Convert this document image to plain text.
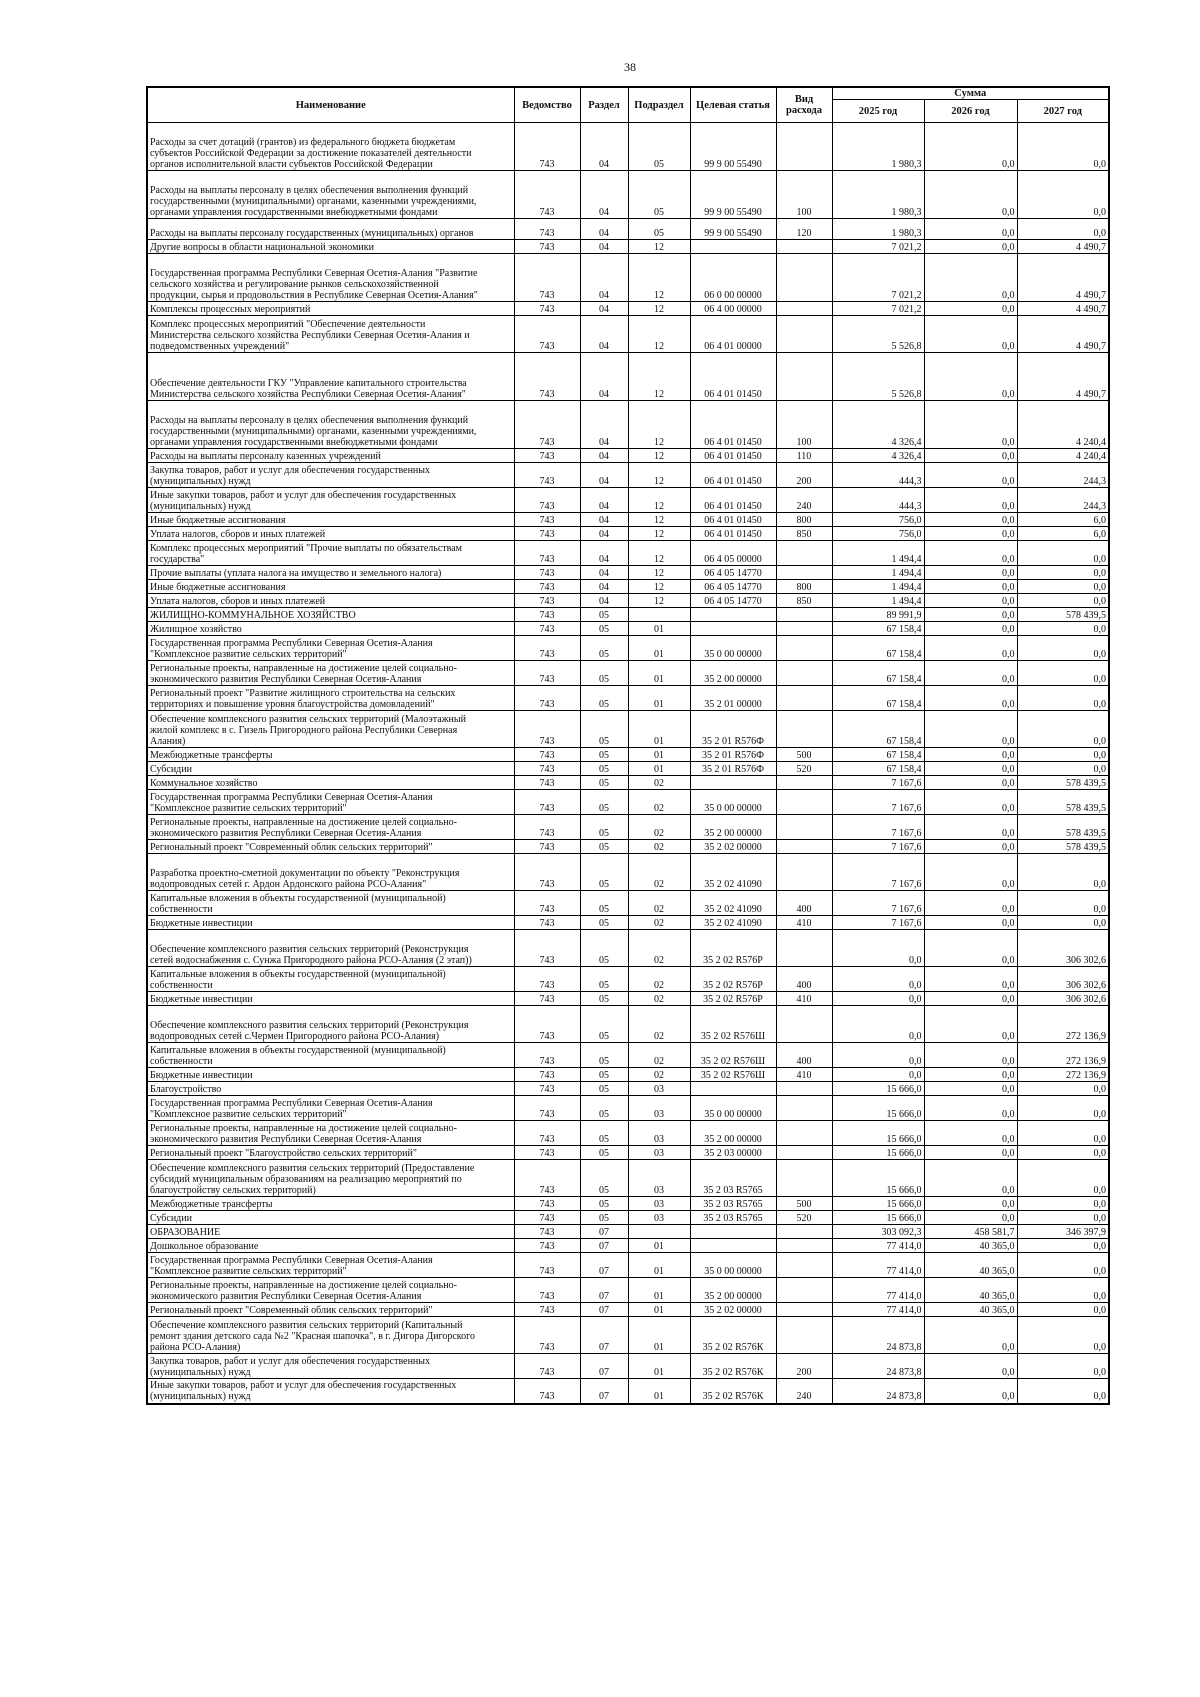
38
Наименование	Ведомство	Раздел	Подраздел	Целевая статья	Вид расхода	Сумма		
						2025 год	2026 год	2027 год
Расходы за счет дотаций (грантов) из федерального бюджета бюджетам
субъектов Российской Федерации за достижение показателей деятельности
органов исполнительной власти субъектов Российской Федерации	743	04	05	99 9 00 55490		1 980,3	0,0	0,0
Расходы на выплаты персоналу в целях обеспечения выполнения функций
государственными (муниципальными) органами, казенными учреждениями,
органами управления государственными внебюджетными фондами	743	04	05	99 9 00 55490	100	1 980,3	0,0	0,0
Расходы на выплаты персоналу государственных (муниципальных) органов	743	04	05	99 9 00 55490	120	1 980,3	0,0	0,0
Другие вопросы в области национальной экономики	743	04	12			7 021,2	0,0	4 490,7
Государственная программа Республики Северная Осетия-Алания "Развитие
сельского хозяйства и регулирование рынков сельскохозяйственной
продукции, сырья и продовольствия в Республике Северная Осетия-Алания"	743	04	12	06 0 00 00000		7 021,2	0,0	4 490,7
Комплексы процессных мероприятий	743	04	12	06 4 00 00000		7 021,2	0,0	4 490,7
Комплекс процессных мероприятий "Обеспечение деятельности
Министерства сельского хозяйства Республики Северная Осетия-Алания и
подведомственных учреждений"	743	04	12	06 4 01 00000		5 526,8	0,0	4 490,7
Обеспечение деятельности ГКУ "Управление капитального строительства
Министерства сельского хозяйства Республики Северная Осетия-Алания"	743	04	12	06 4 01 01450		5 526,8	0,0	4 490,7
Расходы на выплаты персоналу в целях обеспечения выполнения функций
государственными (муниципальными) органами, казенными учреждениями,
органами управления государственными внебюджетными фондами	743	04	12	06 4 01 01450	100	4 326,4	0,0	4 240,4
Расходы на выплаты персоналу казенных учреждений	743	04	12	06 4 01 01450	110	4 326,4	0,0	4 240,4
Закупка товаров, работ и услуг для обеспечения государственных
(муниципальных) нужд	743	04	12	06 4 01 01450	200	444,3	0,0	244,3
Иные закупки товаров, работ и услуг для обеспечения государственных
(муниципальных) нужд	743	04	12	06 4 01 01450	240	444,3	0,0	244,3
Иные бюджетные ассигнования	743	04	12	06 4 01 01450	800	756,0	0,0	6,0
Уплата налогов, сборов и иных платежей	743	04	12	06 4 01 01450	850	756,0	0,0	6,0
Комплекс процессных мероприятий "Прочие выплаты по обязательствам
государства"	743	04	12	06 4 05 00000		1 494,4	0,0	0,0
Прочие выплаты (уплата налога на имущество и земельного налога)	743	04	12	06 4 05 14770		1 494,4	0,0	0,0
Иные бюджетные ассигнования	743	04	12	06 4 05 14770	800	1 494,4	0,0	0,0
Уплата налогов, сборов и иных платежей	743	04	12	06 4 05 14770	850	1 494,4	0,0	0,0
ЖИЛИЩНО-КОММУНАЛЬНОЕ ХОЗЯЙСТВО	743	05				89 991,9	0,0	578 439,5
Жилищное хозяйство	743	05	01			67 158,4	0,0	0,0
Государственная программа Республики Северная Осетия-Алания
"Комплексное развитие сельских территорий"	743	05	01	35 0 00 00000		67 158,4	0,0	0,0
Региональные проекты, направленные на достижение целей социально-
экономического развития Республики Северная Осетия-Алания	743	05	01	35 2 00 00000		67 158,4	0,0	0,0
Региональный проект "Развитие жилищного строительства на сельских
территориях и повышение уровня благоустройства домовладений"	743	05	01	35 2 01 00000		67 158,4	0,0	0,0
Обеспечение комплексного развития сельских территорий (Малоэтажный
жилой комплекс в с. Гизель Пригородного района Республики Северная
Алания)	743	05	01	35 2 01 R576Ф		67 158,4	0,0	0,0
Межбюджетные трансферты	743	05	01	35 2 01 R576Ф	500	67 158,4	0,0	0,0
Субсидии	743	05	01	35 2 01 R576Ф	520	67 158,4	0,0	0,0
Коммунальное хозяйство	743	05	02			7 167,6	0,0	578 439,5
Государственная программа Республики Северная Осетия-Алания
"Комплексное развитие сельских территорий"	743	05	02	35 0 00 00000		7 167,6	0,0	578 439,5
Региональные проекты, направленные на достижение целей социально-
экономического развития Республики Северная Осетия-Алания	743	05	02	35 2 00 00000		7 167,6	0,0	578 439,5
Региональный проект "Современный облик сельских территорий"	743	05	02	35 2 02 00000		7 167,6	0,0	578 439,5
Разработка проектно-сметной документации по объекту "Реконструкция
водопроводных сетей г. Ардон Ардонского района РСО-Алания"	743	05	02	35 2 02 41090		7 167,6	0,0	0,0
Капитальные вложения в объекты государственной (муниципальной)
собственности	743	05	02	35 2 02 41090	400	7 167,6	0,0	0,0
Бюджетные инвестиции	743	05	02	35 2 02 41090	410	7 167,6	0,0	0,0
Обеспечение комплексного развития сельских территорий (Реконструкция
сетей водоснабжения с. Сунжа Пригородного района РСО-Алания (2 этап))	743	05	02	35 2 02 R576Р		0,0	0,0	306 302,6
Капитальные вложения в объекты государственной (муниципальной)
собственности	743	05	02	35 2 02 R576Р	400	0,0	0,0	306 302,6
Бюджетные инвестиции	743	05	02	35 2 02 R576Р	410	0,0	0,0	306 302,6
Обеспечение комплексного развития сельских территорий (Реконструкция
водопроводных сетей с.Чермен Пригородного района РСО-Алания)	743	05	02	35 2 02 R576Ш		0,0	0,0	272 136,9
Капитальные вложения в объекты государственной (муниципальной)
собственности	743	05	02	35 2 02 R576Ш	400	0,0	0,0	272 136,9
Бюджетные инвестиции	743	05	02	35 2 02 R576Ш	410	0,0	0,0	272 136,9
Благоустройство	743	05	03			15 666,0	0,0	0,0
Государственная программа Республики Северная Осетия-Алания
"Комплексное развитие сельских территорий"	743	05	03	35 0 00 00000		15 666,0	0,0	0,0
Региональные проекты, направленные на достижение целей социально-
экономического развития Республики Северная Осетия-Алания	743	05	03	35 2 00 00000		15 666,0	0,0	0,0
Региональный проект "Благоустройство сельских территорий"	743	05	03	35 2 03 00000		15 666,0	0,0	0,0
Обеспечение комплексного развития сельских территорий (Предоставление
субсидий муниципальным образованиям на реализацию мероприятий по
благоустройству сельских территорий)	743	05	03	35 2 03 R5765		15 666,0	0,0	0,0
Межбюджетные трансферты	743	05	03	35 2 03 R5765	500	15 666,0	0,0	0,0
Субсидии	743	05	03	35 2 03 R5765	520	15 666,0	0,0	0,0
ОБРАЗОВАНИЕ	743	07				303 092,3	458 581,7	346 397,9
Дошкольное образование	743	07	01			77 414,0	40 365,0	0,0
Государственная программа Республики Северная Осетия-Алания
"Комплексное развитие сельских территорий"	743	07	01	35 0 00 00000		77 414,0	40 365,0	0,0
Региональные проекты, направленные на достижение целей социально-
экономического развития Республики Северная Осетия-Алания	743	07	01	35 2 00 00000		77 414,0	40 365,0	0,0
Региональный проект "Современный облик сельских территорий"	743	07	01	35 2 02 00000		77 414,0	40 365,0	0,0
Обеспечение комплексного развития сельских территорий (Капитальный
ремонт здания детского сада №2 "Красная шапочка", в г. Дигора Дигорского
района РСО-Алания)	743	07	01	35 2 02 R576К		24 873,8	0,0	0,0
Закупка товаров, работ и услуг для обеспечения государственных
(муниципальных) нужд	743	07	01	35 2 02 R576К	200	24 873,8	0,0	0,0
Иные закупки товаров, работ и услуг для обеспечения государственных
(муниципальных) нужд	743	07	01	35 2 02 R576К	240	24 873,8	0,0	0,0
